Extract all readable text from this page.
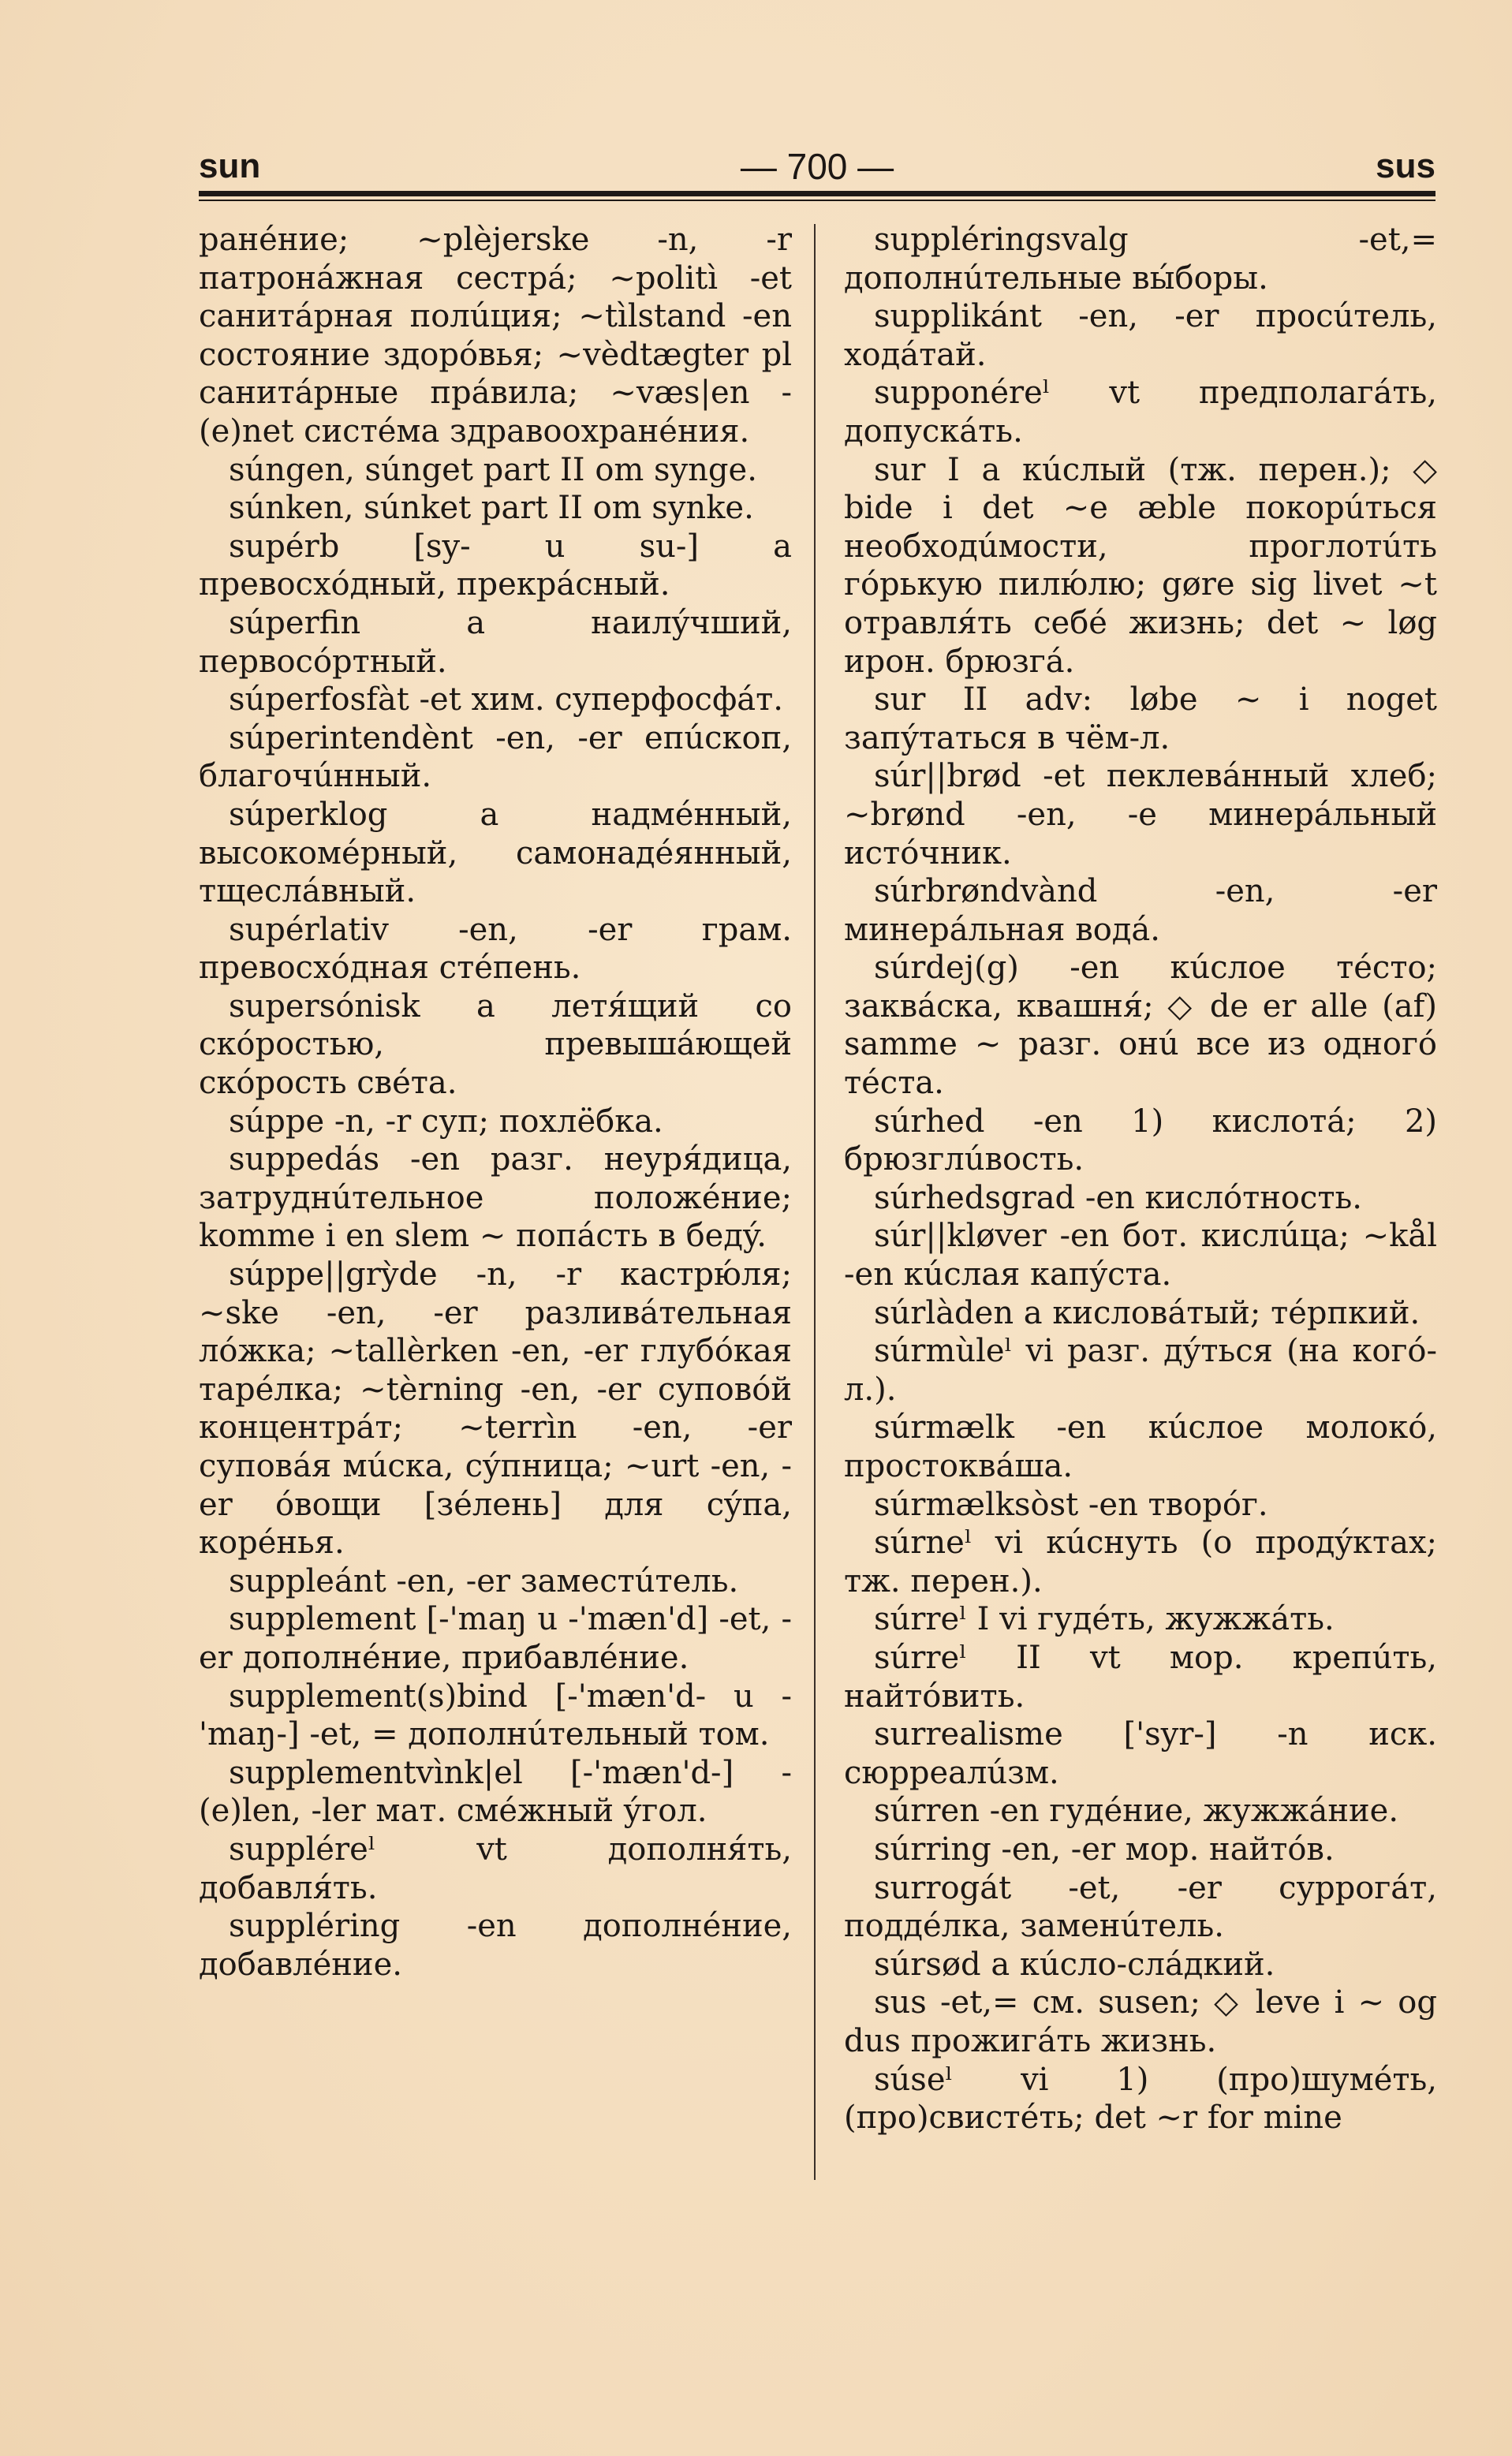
sun	— 700 —	sus

ранéние; ~plèjerske -n, -r патронáжная сестрá; ~politì -et санитáрная полúция; ~tìlstand -en состояние здорóвья; ~vèdtægter pl санитáрные прáвила; ~væs|en -(e)net систéма здравоохранéния.

súngen, súnget part II om synge.

súnken, súnket part II om synke.

supérb [sy- u su-] a превосхóдный, прекрáсный.

súperfin a наилýчший, первосóртный.

súperfosfàt -et хим. суперфосфáт.

súperintendènt -en, -er епúскоп, благочúнный.

súperklog a надмéнный, высокомéрный, самонадéянный, тщеслáвный.

supérlativ -en, -er грам. превосхóдная стéпень.

supersónisk a летя́щий со скóростью, превышáющей скóрость свéта.

súppe -n, -r суп; похлёбка.

suppedás -en разг. неуря́дица, затруднúтельное положéние; komme i en slem ~ попáсть в бедý.

súppe||grỳde -n, -r кастрю́ля; ~ske -en, -er разливáтельная лóжка; ~tallèrken -en, -er глубóкая тарéлка; ~tèrning -en, -er суповóй концентрáт; ~terrìn -en, -er суповáя мúска, сýпница; ~urt -en, -er óвощи [зéлень] для сýпа, корéнья.

suppleánt -en, -er заместúтель.

supplement [-'maŋ u -'mæn'd] -et, -er дополнéние, прибавлéние.

supplement(s)bind [-'mæn'd- u -'maŋ-] -et, = дополнúтельный том.

supplementvìnk|el [-'mæn'd-] -(e)len, -ler мат. смéжный ýгол.

suppléreˡ vt дополня́ть, добавля́ть.

suppléring -en дополнéние, добавлéние.

suppléringsvalg -et,= дополнúтельные вы́боры.

supplikánt -en, -er просúтель, ходáтай.

supponéreˡ vt предполагáть, допускáть.

sur I a кúслый (тж. перен.); ◇ bide i det ~e æble покорúться необходúмости, проглотúть гóрькую пилю́лю; gøre sig livet ~t отравля́ть себé жизнь; det ~ løg ирон. брюзгá.

sur II adv: løbe ~ i noget запýтаться в чём-л.

súr||brød -et пеклевáнный хлеб; ~brønd -en, -e минерáльный истóчник.

súrbrøndvànd -en, -er минерáльная водá.

súrdej(g) -en кúслое тéсто; заквáска, квашня́; ◇ de er alle (af) samme ~ разг. онú все из одногó тéста.

súrhed -en 1) кислотá; 2) брюзглúвость.

súrhedsgrad -en кислóтность.

súr||kløver -en бот. кислúца; ~kål -en кúслая капýста.

súrlàden a кисловáтый; тéрпкий.

súrmùleˡ vi разг. дýться (на когó-л.).

súrmælk -en кúслое молокó, простоквáша.

súrmælksòst -en творóг.

súrneˡ vi кúснуть (о продýктах; тж. перен.).

súrreˡ I vi гудéть, жужжáть.

súrreˡ II vt мор. крепúть, найтóвить.

surrealisme ['syr-] -n иск. сюрреалúзм.

súrren -en гудéние, жужжáние.

súrring -en, -er мор. найтóв.

surrogát -et, -er суррогáт, поддéлка, заменúтель.

súrsød a кúсло-слáдкий.

sus -et,= см. susen; ◇ leve i ~ og dus прожигáть жизнь.

súseˡ vi 1) (про)шумéть, (про)свистéть; det ~r for mine
